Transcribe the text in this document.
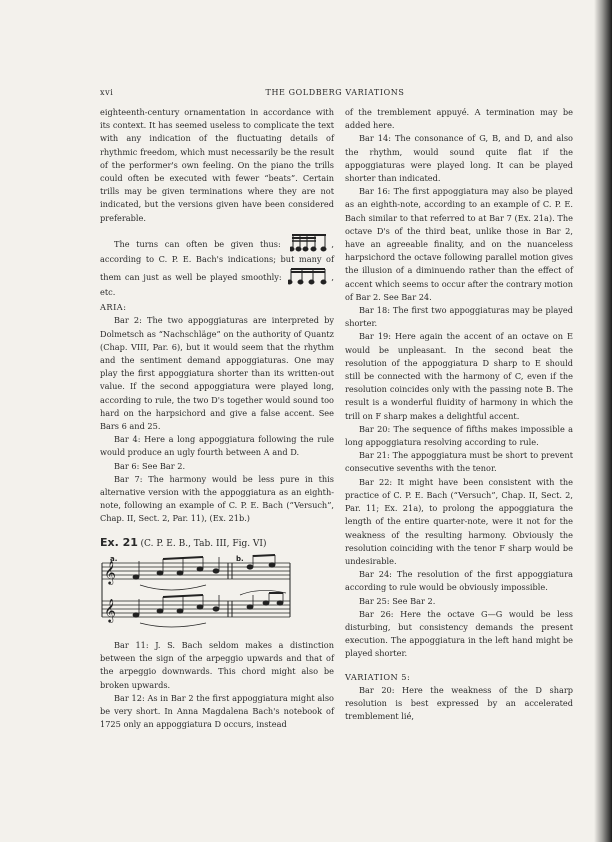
xvi	THE GOLDBERG VARIATIONS

eighteenth-century ornamentation in accordance with its context. It has seemed useless to complicate the text with any indication of the fluctuating details of rhythmic freedom, which must necessarily be the result of the performer's own feeling. On the piano the trills could often be executed with fewer “beats”. Certain trills may be given terminations where they are not indicated, but the versions given have been considered preferable.

The turns can often be given thus:	, according to C. P. E. Bach's indications; but many of them can just as well be played smoothly:	, etc.

ARIA:

Bar 2: The two appoggiaturas are interpreted by Dolmetsch as “Nachschläge” on the authority of Quantz (Chap. VIII, Par. 6), but it would seem that the rhythm and the sentiment demand appoggiaturas. One may play the first appoggiatura shorter than its written-out value. If the second appoggiatura were played long, according to rule, the two D's together would sound too hard on the harpsichord and give a false accent. See Bars 6 and 25.

Bar 4: Here a long appoggiatura following the rule would produce an ugly fourth between A and D.

Bar 6: See Bar 2.

Bar 7: The harmony would be less pure in this alternative version with the appoggiatura as an eighth-note, following an example of C. P. E. Bach (“Versuch”, Chap. II, Sect. 2, Par. 11), (Ex. 21b.)

Ex. 21 (C. P. E. B., Tab. III, Fig. VI)
𝄞
𝄞
a.	b.

Bar 11: J. S. Bach seldom makes a distinction between the sign of the arpeggio upwards and that of the arpeggio downwards. This chord might also be broken upwards.

Bar 12: As in Bar 2 the first appoggiatura might also be very short. In Anna Magdalena Bach's notebook of 1725 only an appoggiatura D occurs, instead

of the tremblement appuyé. A termination may be added here.

Bar 14: The consonance of G, B, and D, and also the rhythm, would sound quite flat if the appoggiaturas were played long. It can be played shorter than indicated.

Bar 16: The first appoggiatura may also be played as an eighth-note, according to an example of C. P. E. Bach similar to that referred to at Bar 7 (Ex. 21a). The octave D's of the third beat, unlike those in Bar 2, have an agreeable finality, and on the nuanceless harpsichord the octave following parallel motion gives the illusion of a diminuendo rather than the effect of accent which seems to occur after the contrary motion of Bar 2. See Bar 24.

Bar 18: The first two appoggiaturas may be played shorter.

Bar 19: Here again the accent of an octave on E would be unpleasant. In the second beat the resolution of the appoggiatura D sharp to E should still be connected with the harmony of C, even if the resolution coincides only with the passing note B. The result is a wonderful fluidity of harmony in which the trill on F sharp makes a delightful accent.

Bar 20: The sequence of fifths makes impossible a long appoggiatura resolving according to rule.

Bar 21: The appoggiatura must be short to prevent consecutive sevenths with the tenor.

Bar 22: It might have been consistent with the practice of C. P. E. Bach (“Versuch”, Chap. II, Sect. 2, Par. 11; Ex. 21a), to prolong the appoggiatura the length of the entire quarter-note, were it not for the weakness of the resulting harmony. Obviously the resolution coinciding with the tenor F sharp would be undesirable.

Bar 24: The resolution of the first appoggiatura according to rule would be obviously impossible.

Bar 25: See Bar 2.

Bar 26: Here the octave G—G would be less disturbing, but consistency demands the present execution. The appoggiatura in the left hand might be played shorter.

VARIATION 5:

Bar 20: Here the weakness of the D sharp resolution is best expressed by an accelerated tremblement lié,
